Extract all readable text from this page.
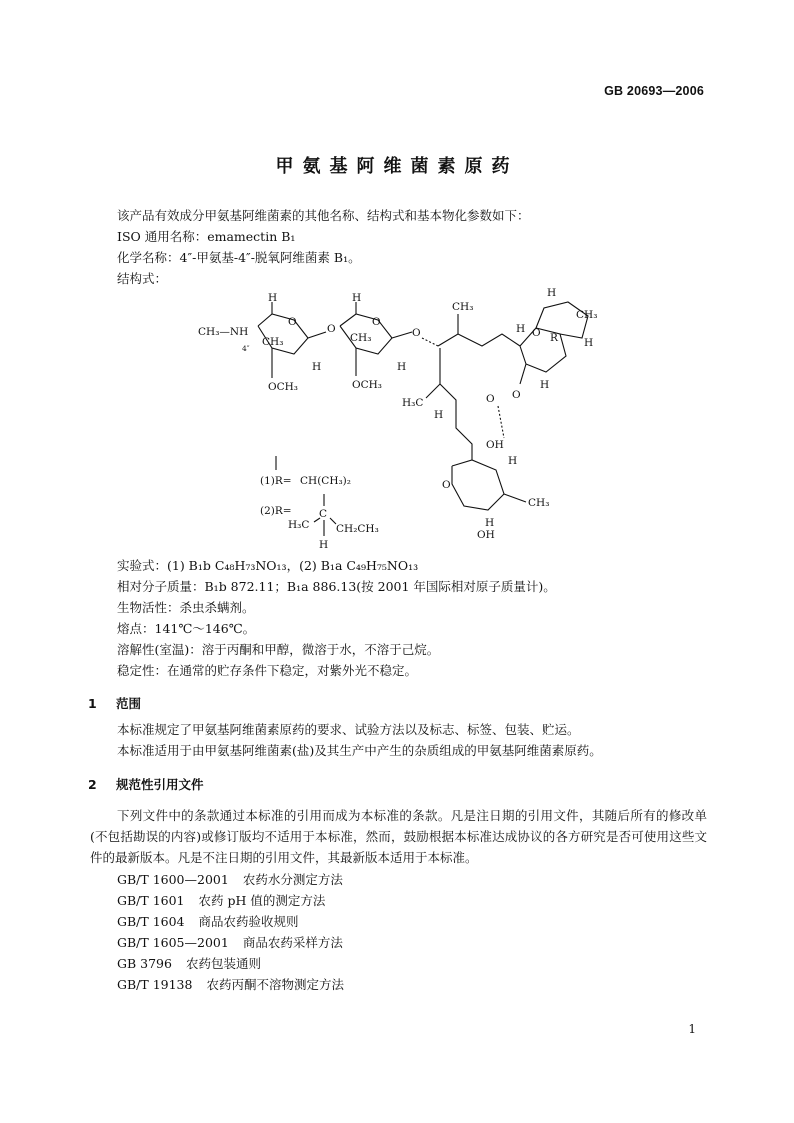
GB 20693—2006
甲氨基阿维菌素原药
该产品有效成分甲氨基阿维菌素的其他名称、结构式和基本物化参数如下：
ISO 通用名称：emamectin B₁
化学名称：4″-甲氨基-4″-脱氧阿维菌素 B₁。
结构式：
CH₃—NH
4″
O
H
CH₃
OCH₃
H
O
O
H
CH₃
OCH₃
H
O
CH₃
H₃C
H
H O
H
CH₃
H
R
O
O
H
O
OH
H
CH₃
H
OH
(1)R= CH(CH₃)₂
(2)R=	C
H₃C	CH₂CH₃
H
实验式：(1) B₁b C₄₈H₇₃NO₁₃，(2) B₁a C₄₉H₇₅NO₁₃
相对分子质量：B₁b 872.11；B₁a 886.13(按 2001 年国际相对原子质量计)。
生物活性：杀虫杀螨剂。
熔点：141℃～146℃。
溶解性(室温)：溶于丙酮和甲醇，微溶于水，不溶于己烷。
稳定性：在通常的贮存条件下稳定，对紫外光不稳定。
1 范围
本标准规定了甲氨基阿维菌素原药的要求、试验方法以及标志、标签、包装、贮运。
本标准适用于由甲氨基阿维菌素(盐)及其生产中产生的杂质组成的甲氨基阿维菌素原药。
2 规范性引用文件
下列文件中的条款通过本标准的引用而成为本标准的条款。凡是注日期的引用文件，其随后所有的修改单(不包括勘误的内容)或修订版均不适用于本标准，然而，鼓励根据本标准达成协议的各方研究是否可使用这些文件的最新版本。凡是不注日期的引用文件，其最新版本适用于本标准。
GB/T 1600—2001 农药水分测定方法
GB/T 1601 农药 pH 值的测定方法
GB/T 1604 商品农药验收规则
GB/T 1605—2001 商品农药采样方法
GB 3796 农药包装通则
GB/T 19138 农药丙酮不溶物测定方法
1
